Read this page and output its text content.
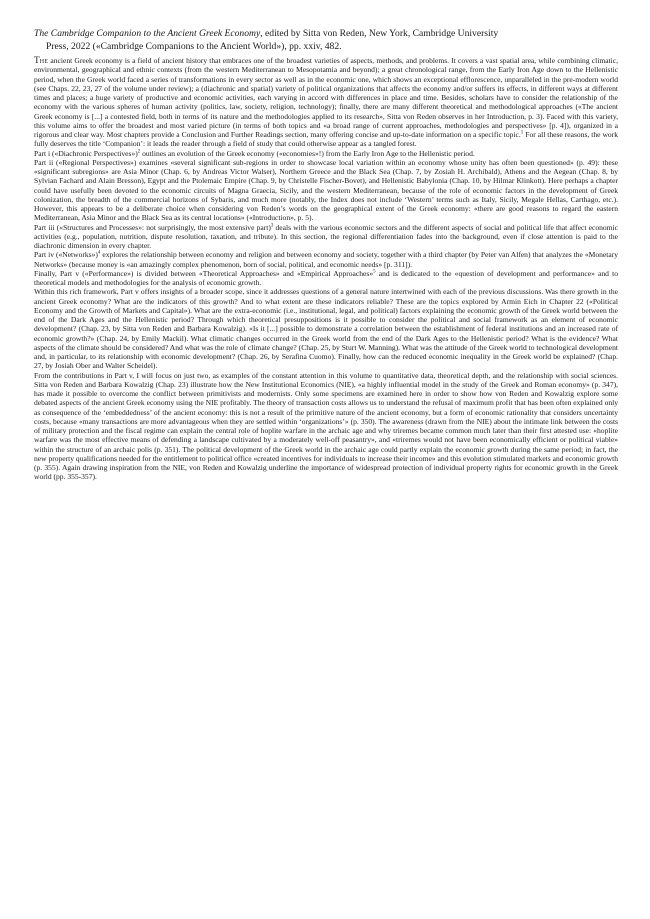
The Cambridge Companion to the Ancient Greek Economy, edited by Sitta von Reden, New York, Cambridge University
Press, 2022 («Cambridge Companions to the Ancient World»), pp. xxiv, 482.

The ancient Greek economy is a field of ancient history that embraces one of the broadest varieties of aspects, methods, and problems. It covers a vast spatial area, while combining climatic, environmental, geographical and ethnic contexts (from the western Mediterranean to Mesopotamia and beyond); a great chronological range, from the Early Iron Age down to the Hellenistic period, when the Greek world faced a series of transformations in every sector as well as in the economic one, which shows an exceptional efflorescence, unparalleled in the pre-modern world (see Chaps. 22, 23, 27 of the volume under review); a (diachronic and spatial) variety of political organizations that affects the economy and/or suffers its effects, in different ways at different times and places; a huge variety of productive and economic activities, each varying in accord with differences in place and time. Besides, scholars have to consider the relationship of the economy with the various spheres of human activity (politics, law, society, religion, technology); finally, there are many different theoretical and methodological approaches («The ancient Greek economy is [...] a contested field, both in terms of its nature and the methodologies applied to its research», Sitta von Reden observes in her Introduction, p. 3). Faced with this variety, this volume aims to offer the broadest and most varied picture (in terms of both topics and «a broad range of current approaches, methodologies and perspectives» [p. 4]), organized in a rigorous and clear way. Most chapters provide a Conclusion and Further Readings section, many offering concise and up-to-date information on a specific topic.$^1$ For all these reasons, the work fully deserves the title ‘Companion’: it leads the reader through a field of study that could otherwise appear as a tangled forest.

Part i («Diachronic Perspectives»)$^2$ outlines an evolution of the Greek economy («economies»!) from the Early Iron Age to the Hellenistic period.

Part ii («Regional Perspectives») examines «several significant sub-regions in order to showcase local variation within an economy whose unity has often been questioned» (p. 49): these «significant subregions» are Asia Minor (Chap. 6, by Andreas Victor Walser), Northern Greece and the Black Sea (Chap. 7, by Zosiah H. Archibald), Athens and the Aegean (Chap. 8, by Sylvian Fachard and Alain Bresson), Egypt and the Ptolemaic Empire (Chap. 9, by Christelle Fischer-Bovet), and Hellenistic Babylonia (Chap. 10, by Hilmar Klinkott). Here perhaps a chapter could have usefully been devoted to the economic circuits of Magna Graecia, Sicily, and the western Mediterranean, because of the role of economic factors in the development of Greek colonization, the breadth of the commercial horizons of Sybaris, and much more (notably, the Index does not include ‘Western’ terms such as Italy, Sicily, Megale Hellas, Carthago, etc.). However, this appears to be a deliberate choice when considering von Reden’s words on the geographical extent of the Greek economy: «there are good reasons to regard the eastern Mediterranean, Asia Minor and the Black Sea as its central locations» («Introduction», p. 5).

Part iii («Structures and Processes»: not surprisingly, the most extensive part)$^3$ deals with the various economic sectors and the different aspects of social and political life that affect economic activities (e.g., population, nutrition, dispute resolution, taxation, and tribute). In this section, the regional differentiation fades into the background, even if close attention is paid to the diachronic dimension in every chapter.

Part iv («Networks»)$^4$ explores the relationship between economy and religion and between economy and society, together with a third chapter (by Peter van Alfen) that analyzes the «Monetary Networks» (because money is «an amazingly complex phenomenon, born of social, political, and economic needs» [p. 311]).

Finally, Part v («Performance») is divided between «Theoretical Approaches» and «Empirical Approaches»$^5$ and is dedicated to the «question of development and performance» and to theoretical models and methodologies for the analysis of economic growth.

Within this rich framework, Part v offers insights of a broader scope, since it addresses questions of a general nature intertwined with each of the previous discussions. Was there growth in the ancient Greek economy? What are the indicators of this growth? And to what extent are these indicators reliable? These are the topics explored by Armin Eich in Chapter 22 («Political Economy and the Growth of Markets and Capital»). What are the extra-economic (i.e., institutional, legal, and political) factors explaining the economic growth of the Greek world between the end of the Dark Ages and the Hellenistic period? Through which theoretical presuppositions is it possible to consider the political and social framework as an element of economic development? (Chap. 23, by Sitta von Reden and Barbara Kowalzig). «Is it [...] possible to demonstrate a correlation between the establishment of federal institutions and an increased rate of economic growth?» (Chap. 24, by Emily Mackil). What climatic changes occurred in the Greek world from the end of the Dark Ages to the Hellenistic period? What is the evidence? What aspects of the climate should be considered? And what was the role of climate change? (Chap. 25, by Sturt W. Manning). What was the attitude of the Greek world to technological development and, in particular, to its relationship with economic development? (Chap. 26, by Serafina Cuomo). Finally, how can the reduced economic inequality in the Greek world be explained? (Chap. 27, by Josiah Ober and Walter Scheidel).

From the contributions in Part v, I will focus on just two, as examples of the constant attention in this volume to quantitative data, theoretical depth, and the relationship with social sciences. Sitta von Reden and Barbara Kowalzig (Chap. 23) illustrate how the New Institutional Economics (NIE), «a highly influential model in the study of the Greek and Roman economy» (p. 347), has made it possible to overcome the conflict between primitivists and modernists. Only some specimens are examined here in order to show how von Reden and Kowalzig explore some debated aspects of the ancient Greek economy using the NIE profitably. The theory of transaction costs allows us to understand the refusal of maximum profit that has been often explained only as consequence of the ‘embeddedness’ of the ancient economy: this is not a result of the primitive nature of the ancient economy, but a form of economic rationality that considers uncertainty costs, because «many transactions are more advantageous when they are settled within ‘organizations’» (p. 350). The awareness (drawn from the NIE) about the intimate link between the costs of military protection and the fiscal regime can explain the central role of hoplite warfare in the archaic age and why triremes became common much later than their first attested use: «hoplite warfare was the most effective means of defending a landscape cultivated by a moderately well-off peasantry», and «triremes would not have been economically efficient or political viable» within the structure of an archaic polis (p. 351). The political development of the Greek world in the archaic age could partly explain the economic growth during the same period; in fact, the new property qualifications needed for the entitlement to political office «created incentives for individuals to increase their income» and this evolution stimulated markets and economic growth (p. 355). Again drawing inspiration from the NIE, von Reden and Kowalzig underline the importance of widespread protection of individual property rights for economic growth in the Greek world (pp. 355-357).
